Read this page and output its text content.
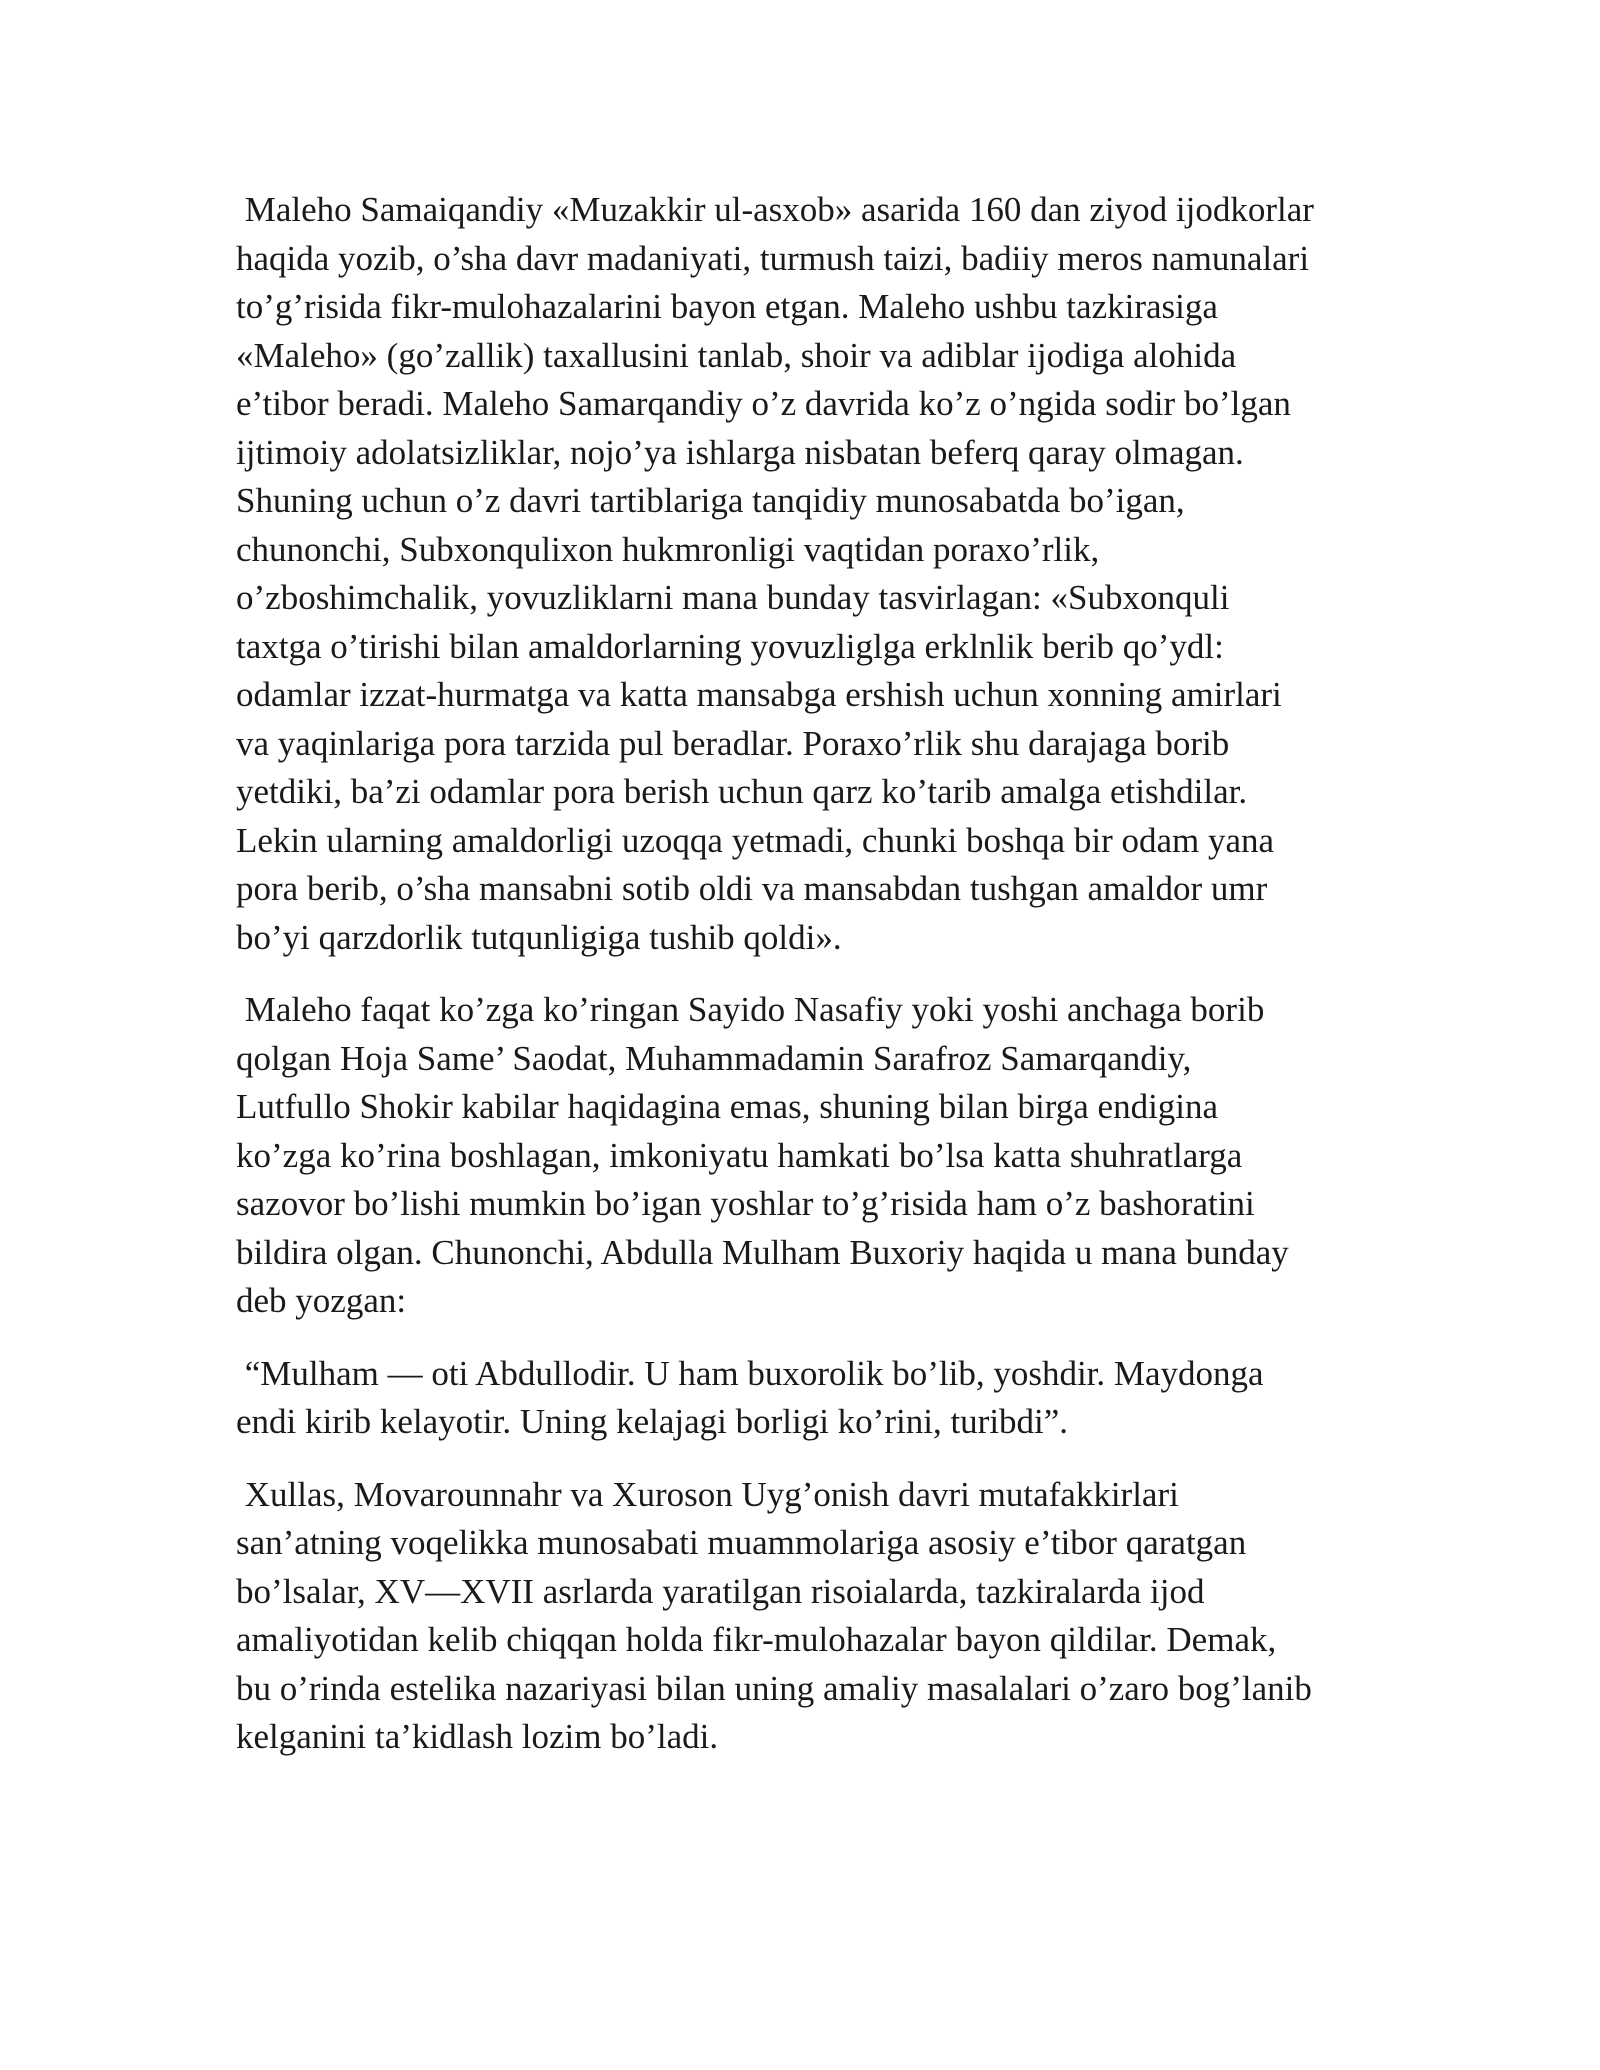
Maleho Samaiqandiy «Muzakkir ul-asxob» asarida 160 dan ziyod ijodkorlar
haqida yozib, o’sha davr madaniyati, turmush taizi, badiiy meros namunalari
to’g’risida fikr-mulohazalarini bayon etgan. Maleho ushbu tazkirasiga
«Maleho» (go’zallik) taxallusini tanlab, shoir va adiblar ijodiga alohida
e’tibor beradi. Maleho Samarqandiy o’z davrida ko’z o’ngida sodir bo’lgan
ijtimoiy adolatsizliklar, nojo’ya ishlarga nisbatan beferq qaray olmagan.
Shuning uchun o’z davri tartiblariga tanqidiy munosabatda bo’igan,
chunonchi, Subxonqulixon hukmronligi vaqtidan poraxo’rlik,
o’zboshimchalik, yovuzliklarni mana bunday tasvirlagan: «Subxonquli
taxtga o’tirishi bilan amaldorlarning yovuzliglga erklnlik berib qo’ydl:
odamlar izzat-hurmatga va katta mansabga ershish uchun xonning amirlari
va yaqinlariga pora tarzida pul beradlar. Poraxo’rlik shu darajaga borib
yetdiki, ba’zi odamlar pora berish uchun qarz ko’tarib amalga etishdilar.
Lekin ularning amaldorligi uzoqqa yetmadi, chunki boshqa bir odam yana
pora berib, o’sha mansabni sotib oldi va mansabdan tushgan amaldor umr
bo’yi qarzdorlik tutqunligiga tushib qoldi».

Maleho faqat ko’zga ko’ringan Sayido Nasafiy yoki yoshi anchaga borib
qolgan Hoja Same’ Saodat, Muhammadamin Sarafroz Samarqandiy,
Lutfullo Shokir kabilar haqidagina emas, shuning bilan birga endigina
ko’zga ko’rina boshlagan, imkoniyatu hamkati bo’lsa katta shuhratlarga
sazovor bo’lishi mumkin bo’igan yoshlar to’g’risida ham o’z bashoratini
bildira olgan. Chunonchi, Abdulla Mulham Buxoriy haqida u mana bunday
deb yozgan:

“Mulham — oti Abdullodir. U ham buxorolik bo’lib, yoshdir. Maydonga
endi kirib kelayotir. Uning kelajagi borligi ko’rini, turibdi”.

Xullas, Movarounnahr va Xuroson Uyg’onish davri mutafakkirlari
san’atning voqelikka munosabati muammolariga asosiy e’tibor qaratgan
bo’lsalar, XV—XVII asrlarda yaratilgan risoialarda, tazkiralarda ijod
amaliyotidan kelib chiqqan holda fikr-mulohazalar bayon qildilar. Demak,
bu o’rinda estelika nazariyasi bilan uning amaliy masalalari o’zaro bog’lanib
kelganini ta’kidlash lozim bo’ladi.
